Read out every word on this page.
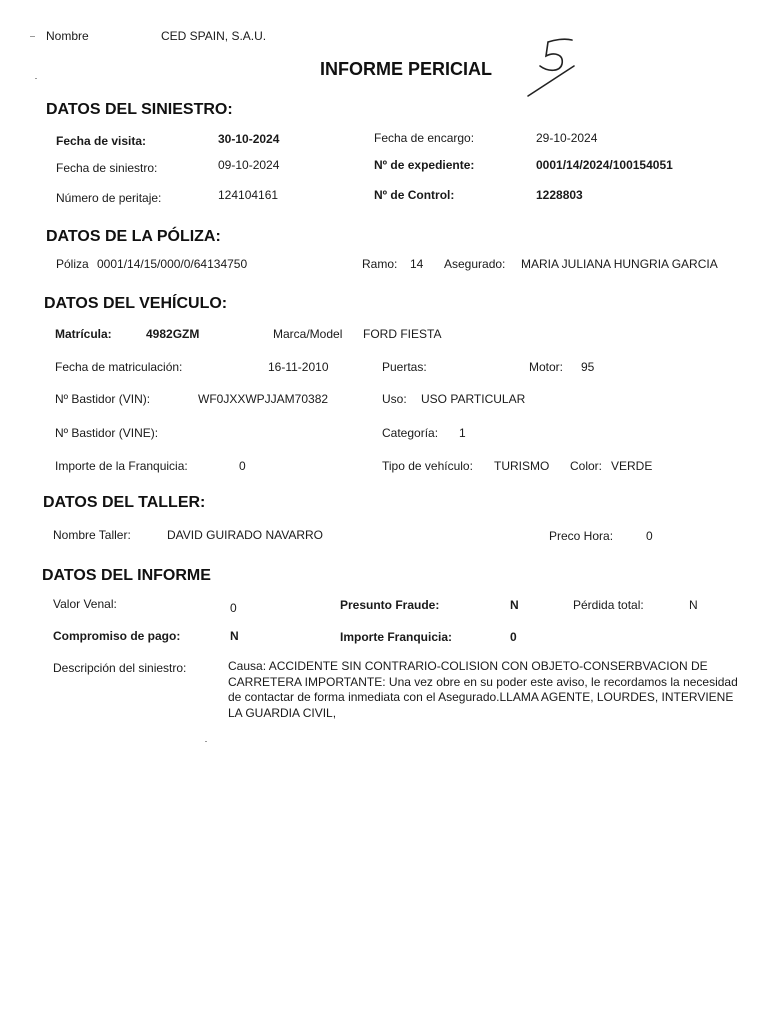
Nombre	CED SPAIN, S.A.U.
INFORME PERICIAL
DATOS DEL SINIESTRO:
Fecha de visita:	30-10-2024	Fecha de encargo:	29-10-2024
Fecha de siniestro:	09-10-2024	Nº de expediente:	0001/14/2024/100154051
Número de peritaje:	124104161	Nº de Control:	1228803
DATOS DE LA PÓLIZA:
Póliza 0001/14/15/000/0/64134750	Ramo: 14 Asegurado: MARIA JULIANA HUNGRIA GARCIA
DATOS DEL VEHÍCULO:
Matrícula:	4982GZM	Marca/Model FORD FIESTA
Fecha de matriculación:	16-11-2010	Puertas:	Motor: 95
Nº Bastidor (VIN):	WF0JXXWPJJAM70382	Uso: USO PARTICULAR
Nº Bastidor (VINE):	Categoría: 1
Importe de la Franquicia:	0	Tipo de vehículo: TURISMO Color: VERDE
DATOS DEL TALLER:
Nombre Taller:	DAVID GUIRADO NAVARRO	Preco Hora:	0
DATOS DEL INFORME
Valor Venal:	0	Presunto Fraude:	N	Pérdida total:	N
Compromiso de pago:	N	Importe Franquicia:	0
Descripción del siniestro:	Causa: ACCIDENTE SIN CONTRARIO-COLISION CON OBJETO-CONSERBVACION DE CARRETERA IMPORTANTE: Una vez obre en su poder este aviso, le recordamos la necesidad de contactar de forma inmediata con el Asegurado.LLAMA AGENTE, LOURDES, INTERVIENE LA GUARDIA CIVIL,
